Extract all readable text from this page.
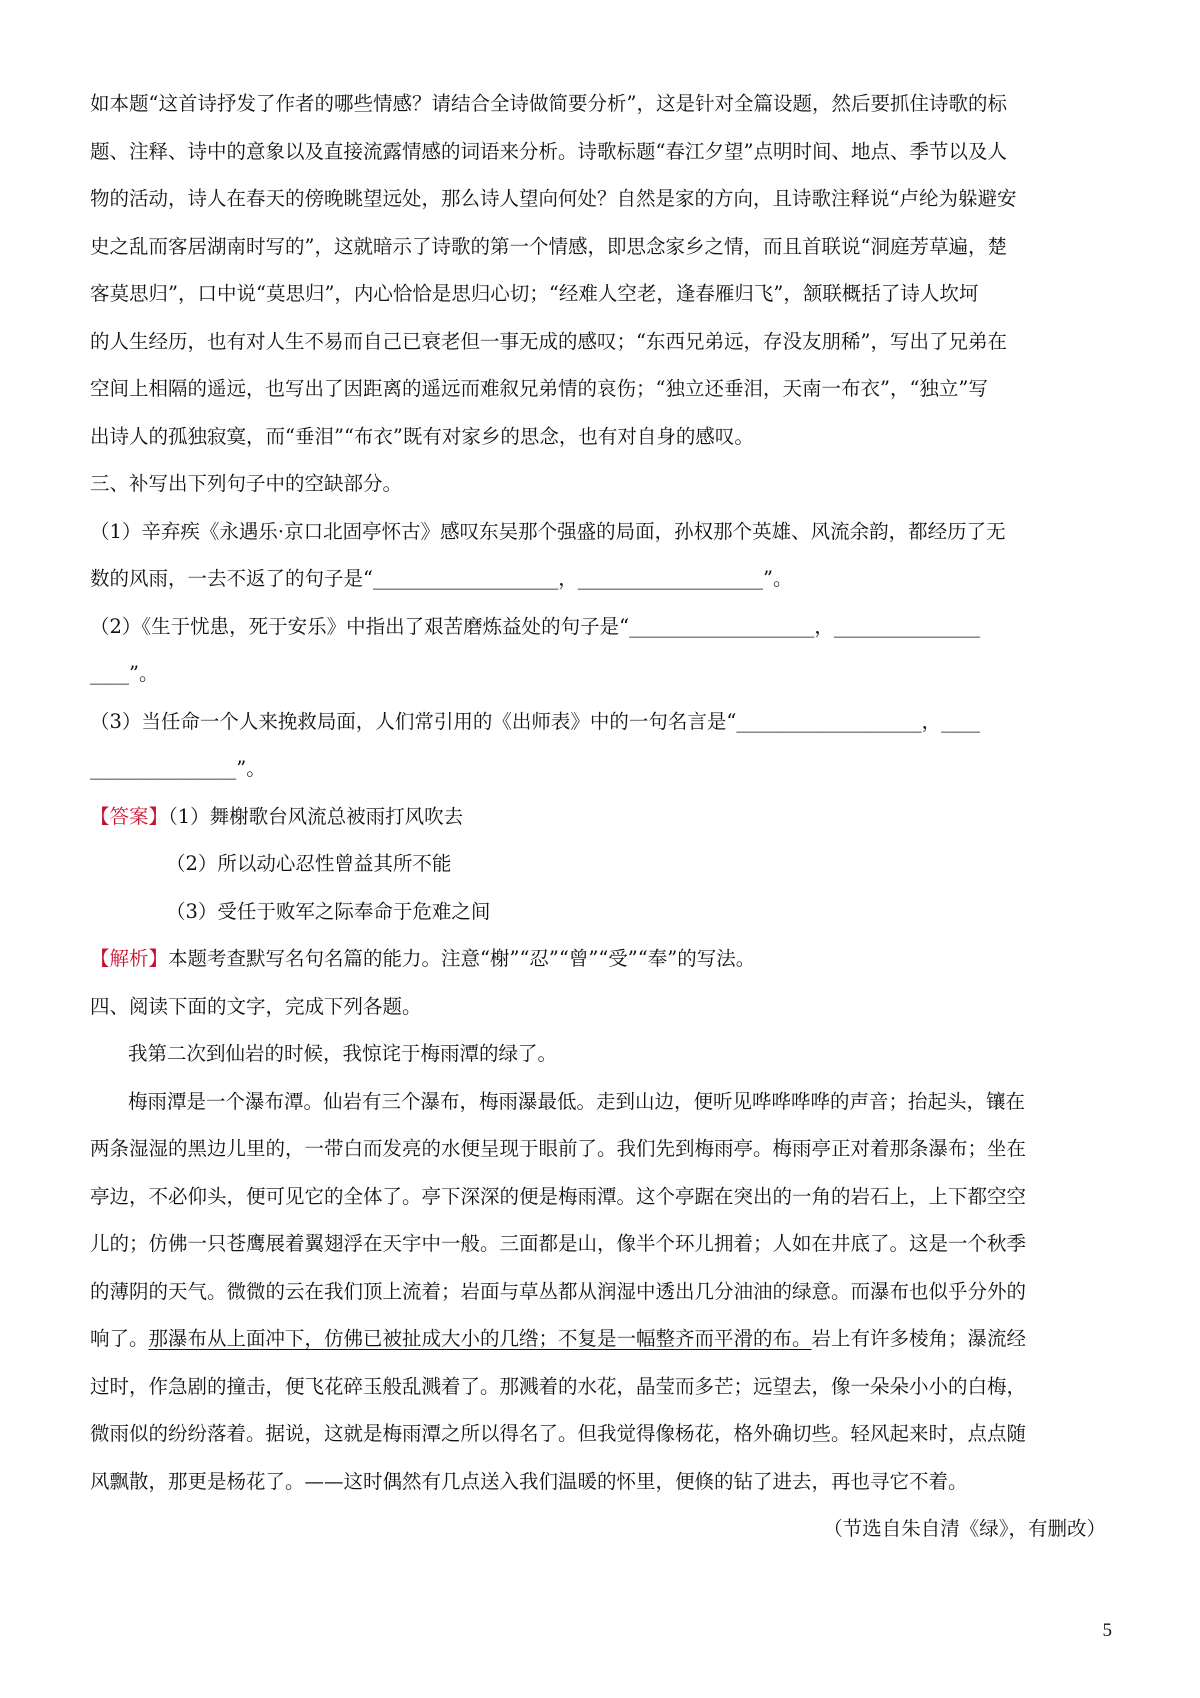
如本题“这首诗抒发了作者的哪些情感？请结合全诗做简要分析”，这是针对全篇设题，然后要抓住诗歌的标
题、注释、诗中的意象以及直接流露情感的词语来分析。诗歌标题“春江夕望”点明时间、地点、季节以及人
物的活动，诗人在春天的傍晚眺望远处，那么诗人望向何处？自然是家的方向，且诗歌注释说“卢纶为躲避安
史之乱而客居湖南时写的”，这就暗示了诗歌的第一个情感，即思念家乡之情，而且首联说“洞庭芳草遍，楚
客莫思归”，口中说“莫思归”，内心恰恰是思归心切；“经难人空老，逢春雁归飞”，颔联概括了诗人坎坷
的人生经历，也有对人生不易而自己已衰老但一事无成的感叹；“东西兄弟远，存没友朋稀”，写出了兄弟在
空间上相隔的遥远，也写出了因距离的遥远而难叙兄弟情的哀伤；“独立还垂泪，天南一布衣”，“独立”写
出诗人的孤独寂寞，而“垂泪”“布衣”既有对家乡的思念，也有对自身的感叹。
三、补写出下列句子中的空缺部分。
（1）辛弃疾《永遇乐·京口北固亭怀古》感叹东吴那个强盛的局面，孙权那个英雄、风流余韵，都经历了无
数的风雨，一去不返了的句子是“___________________，___________________”。
（2）《生于忧患，死于安乐》中指出了艰苦磨炼益处的句子是“___________________，_______________
____”。
（3）当任命一个人来挽救局面，人们常引用的《出师表》中的一句名言是“___________________，____
_______________”。
【答案】（1）舞榭歌台风流总被雨打风吹去
（2）所以动心忍性曾益其所不能
（3）受任于败军之际奉命于危难之间
【解析】本题考查默写名句名篇的能力。注意“榭”“忍”“曾”“受”“奉”的写法。
四、阅读下面的文字，完成下列各题。
我第二次到仙岩的时候，我惊诧于梅雨潭的绿了。
梅雨潭是一个瀑布潭。仙岩有三个瀑布，梅雨瀑最低。走到山边，便听见哗哗哗哗的声音；抬起头，镶在
两条湿湿的黑边儿里的，一带白而发亮的水便呈现于眼前了。我们先到梅雨亭。梅雨亭正对着那条瀑布；坐在
亭边，不必仰头，便可见它的全体了。亭下深深的便是梅雨潭。这个亭踞在突出的一角的岩石上，上下都空空
儿的；仿佛一只苍鹰展着翼翅浮在天宇中一般。三面都是山，像半个环儿拥着；人如在井底了。这是一个秋季
的薄阴的天气。微微的云在我们顶上流着；岩面与草丛都从润湿中透出几分油油的绿意。而瀑布也似乎分外的
响了。那瀑布从上面冲下，仿佛已被扯成大小的几绺；不复是一幅整齐而平滑的布。岩上有许多棱角；瀑流经
过时，作急剧的撞击，便飞花碎玉般乱溅着了。那溅着的水花，晶莹而多芒；远望去，像一朵朵小小的白梅，
微雨似的纷纷落着。据说，这就是梅雨潭之所以得名了。但我觉得像杨花，格外确切些。轻风起来时，点点随
风飘散，那更是杨花了。——这时偶然有几点送入我们温暖的怀里，便倏的钻了进去，再也寻它不着。
（节选自朱自清《绿》，有删改）
5
